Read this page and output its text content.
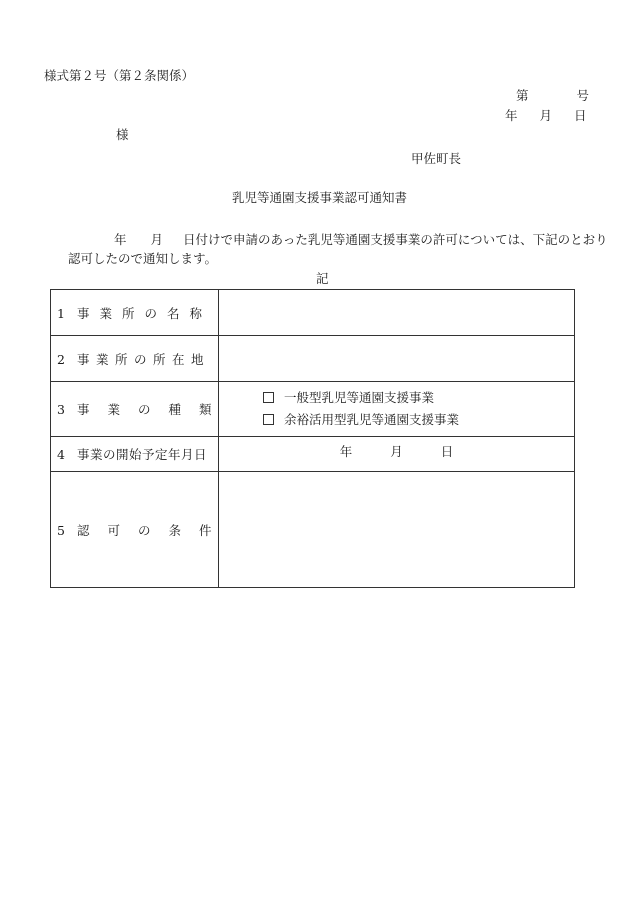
様式第２号（第２条関係）
第	号
年 月 日
様
甲佐町長
乳児等通園支援事業認可通知書
年 月 日付けで申請のあった乳児等通園支援事業の許可については、下記のとおり
認可したので通知します。
記
1 事業所の名称	
2 事業所の所在地	
3 事業の種類	一般型乳児等通園支援事業
余裕活用型乳児等通園支援事業

4 事業の開始予定年月日	年 月 日
5 認可の条件	
